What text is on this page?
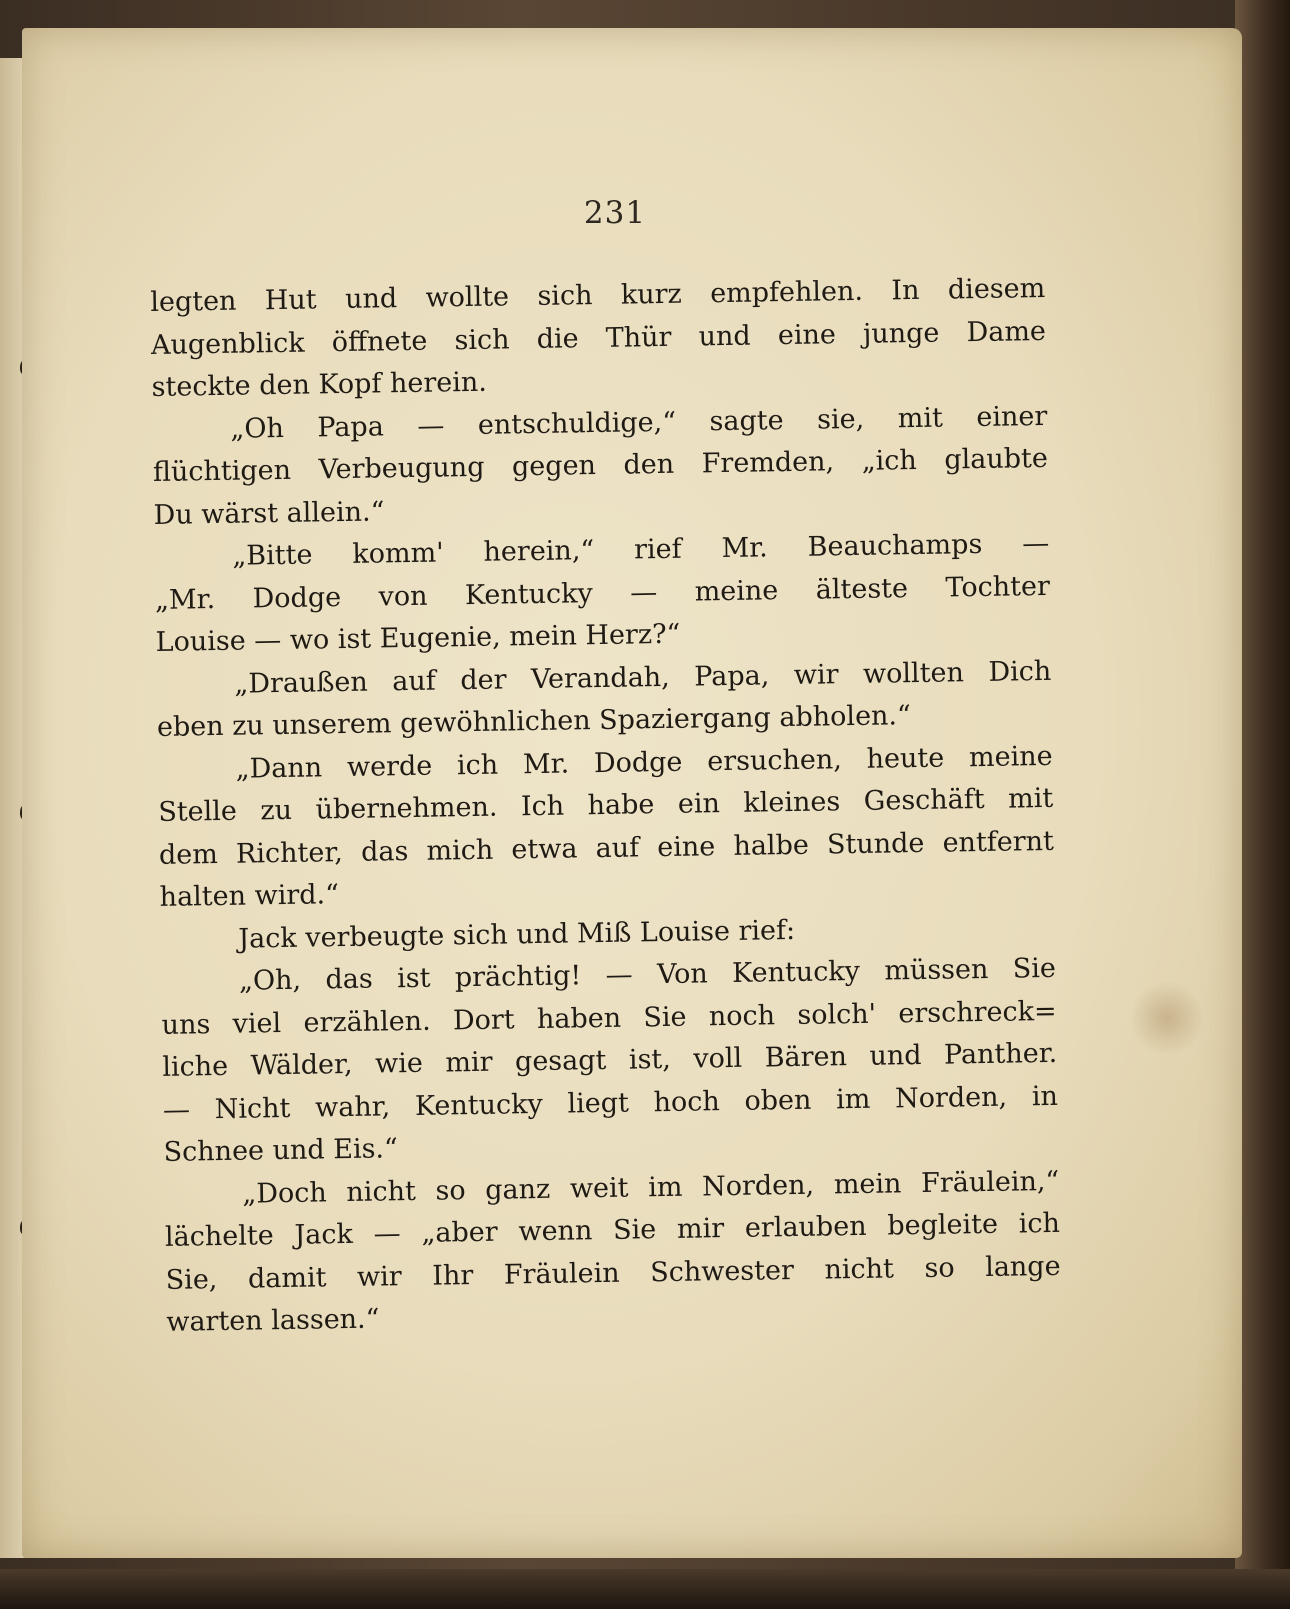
231
legten Hut und wollte sich kurz empfehlen. In diesem
Augenblick öffnete sich die Thür und eine junge Dame
steckte den Kopf herein.
„Oh Papa — entschuldige,“ sagte sie, mit einer
flüchtigen Verbeugung gegen den Fremden, „ich glaubte
Du wärst allein.“
„Bitte komm' herein,“ rief Mr. Beauchamps —
„Mr. Dodge von Kentucky — meine älteste Tochter
Louise — wo ist Eugenie, mein Herz?“
„Draußen auf der Verandah, Papa, wir wollten Dich
eben zu unserem gewöhnlichen Spaziergang abholen.“
„Dann werde ich Mr. Dodge ersuchen, heute meine
Stelle zu übernehmen. Ich habe ein kleines Geschäft mit
dem Richter, das mich etwa auf eine halbe Stunde entfernt
halten wird.“
Jack verbeugte sich und Miß Louise rief:
„Oh, das ist prächtig! — Von Kentucky müssen Sie
uns viel erzählen. Dort haben Sie noch solch' erschreck=
liche Wälder, wie mir gesagt ist, voll Bären und Panther.
— Nicht wahr, Kentucky liegt hoch oben im Norden, in
Schnee und Eis.“
„Doch nicht so ganz weit im Norden, mein Fräulein,“
lächelte Jack — „aber wenn Sie mir erlauben begleite ich
Sie, damit wir Ihr Fräulein Schwester nicht so lange
warten lassen.“
